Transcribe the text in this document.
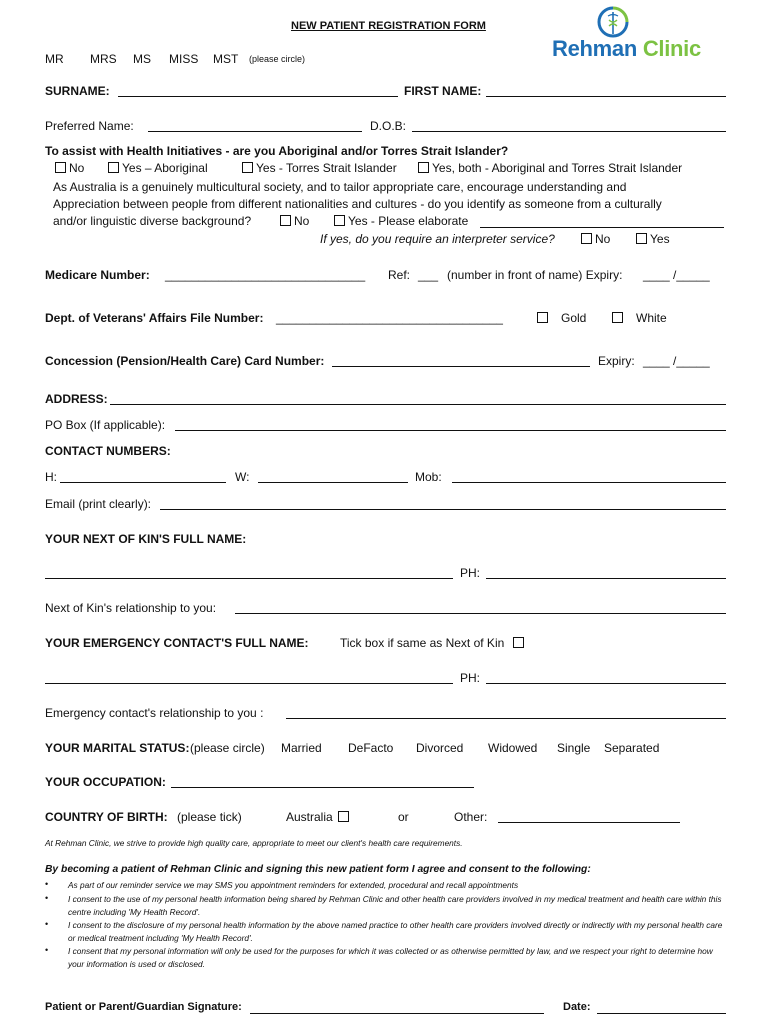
NEW PATIENT REGISTRATION FORM
MR MRS MS MISS MST (please circle)	Rehman Clinic
SURNAME:	FIRST NAME:
Preferred Name:	D.O.B:
To assist with Health Initiatives - are you Aboriginal and/or Torres Strait Islander?
No	Yes – Aboriginal	Yes - Torres Strait Islander	Yes, both - Aboriginal and Torres Strait Islander
As Australia is a genuinely multicultural society, and to tailor appropriate care, encourage understanding and
Appreciation between people from different nationalities and cultures - do you identify as someone from a culturally
and/or linguistic diverse background?	No	Yes - Please elaborate
If yes, do you require an interpreter service?	No	Yes
Medicare Number: ______________________________ Ref: ___ (number in front of name) Expiry: ____ /_____
Dept. of Veterans' Affairs File Number: __________________________________	Gold	White
Concession (Pension/Health Care) Card Number:	Expiry: ____ /_____
ADDRESS:
PO Box (If applicable):
CONTACT NUMBERS:
H:	W:	Mob:
Email (print clearly):
YOUR NEXT OF KIN'S FULL NAME:
PH:
Next of Kin's relationship to you:
YOUR EMERGENCY CONTACT'S FULL NAME:	Tick box if same as Next of Kin
PH:
Emergency contact's relationship to you :
YOUR MARITAL STATUS: (please circle) Married DeFacto Divorced Widowed Single Separated
YOUR OCCUPATION:
COUNTRY OF BIRTH: (please tick)	Australia	or	Other:
At Rehman Clinic, we strive to provide high quality care, appropriate to meet our client's health care requirements.
By becoming a patient of Rehman Clinic and signing this new patient form I agree and consent to the following:
• As part of our reminder service we may SMS you appointment reminders for extended, procedural and recall appointments
• I consent to the use of my personal health information being shared by Rehman Clinic and other health care providers involved in my medical treatment and health care within this centre including 'My Health Record'.
• I consent to the disclosure of my personal health information by the above named practice to other health care providers involved directly or indirectly with my personal health care or medical treatment including 'My Health Record'.
• I consent that my personal information will only be used for the purposes for which it was collected or as otherwise permitted by law, and we respect your right to determine how your information is used or disclosed.
Patient or Parent/Guardian Signature:	Date:
